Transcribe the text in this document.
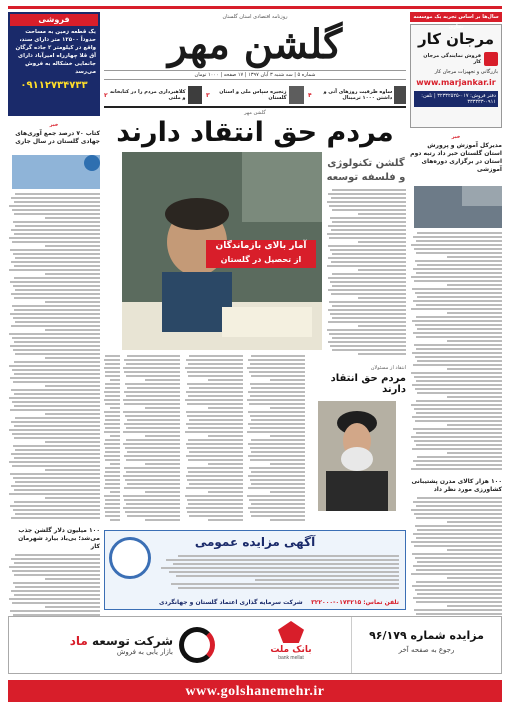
سال‌ها بر اساس تجربه یک موسسه تجاری
مرجان کار
فروش نمایندگی مرجان کار
بازرگانی و تجهیزات مرجان کار
www.marjankar.ir
دفتر فروش: ۰۱۷-۳۲۳۳۲۵۲۵ | تلفن: ۰۹۱۱-۳۳۳۳۳۳
خبر
مدیرکل آموزش و پرورش استان گلستان خبر داد رتبه دوم استان در برگزاری دوره‌های آموزشی
۱۰۰ هزار کالای مدرن پشتیبانی کشاورزی مورد نظر داد
فروشی
یک قطعه زمین به مساحت حدوداً ۱۲۵۰۰ متر دارای سند، واقع در کیلومتر ۲ جاده گرگان آق قلا چهارراه امیرآباد دارای جانمایی خشکاله به فروش می‌رسد
۰۹۱۱۲۷۳۴۷۳۳
خبر
کتاب ۷۰ درصد جمع آوری‌های جهادی گلستان در سال جاری
۱۰۰ میلیون دلار گلشن جذب می‌شد؛ بی‌باد بیارد شهرمان کار
روزنامه اقتصادی استان گلستان
گلشن مهر
شماره ۵ | سه شنبه ۳ آبان ۱۳۹۷ | ۱۷ صفحه | ۱۰۰۰ تومان
ساوه ظرفیت روزهای آتی و داشتن ۱۰۰۰ ترمینال
۴
زنجیره سپاس ملی و استان گلستان
۳
کلاهبرداری مردم را در کتابخانه و ملتی
۲
گلشن مهر
مردم حق انتقاد دارند
گلشن تکنولوژی و فلسفه توسعه
آمار بالای بازماندگان
از تحصیل در گلستان
انتقاد از مسئولان
مردم حق انتقاد دارند
آگهی مزایده عمومی
تلفن تماس: ۰۱۷۳۲۱۵-۳۲۲۰۰۰
شرکت سرمایه گذاری اعتماد گلستان و جهانگردی
مزایده شماره ۹۶/۱۷۹
رجوع به صفحه آخر
بانک ملت
bank mellat
شرکت توسعه ماد
بازار یابی به فروش
www.golshanemehr.ir
